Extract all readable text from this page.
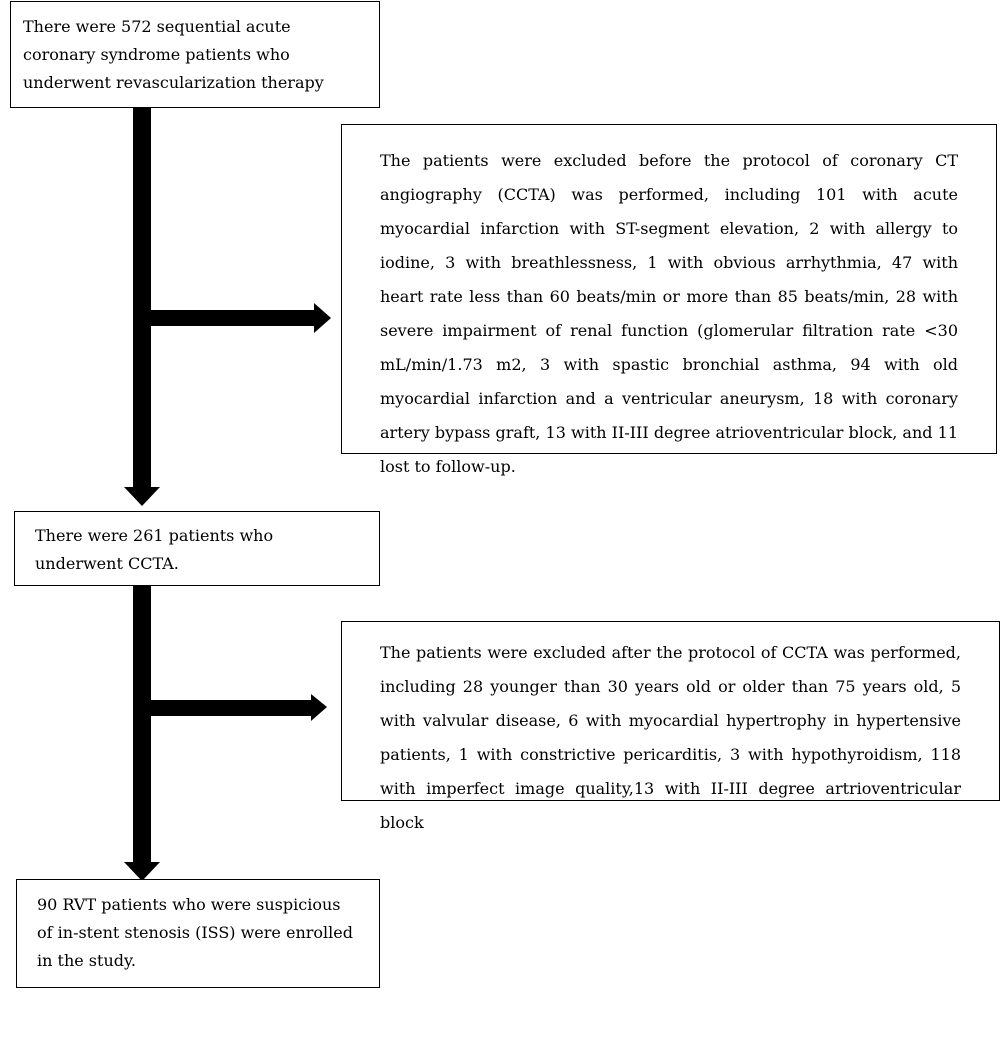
There were 572 sequential acute coronary syndrome patients who underwent revascularization therapy

The patients were excluded before the protocol of coronary CT angiography (CCTA) was performed, including 101 with acute myocardial infarction with ST-segment elevation, 2 with allergy to iodine, 3 with breathlessness, 1 with obvious arrhythmia, 47 with heart rate less than 60 beats/min or more than 85 beats/min, 28 with severe impairment of renal function (glomerular filtration rate <30 mL/min/1.73 m2, 3 with spastic bronchial asthma, 94 with old myocardial infarction and a ventricular aneurysm, 18 with coronary artery bypass graft, 13 with II-III degree atrioventricular block, and 11 lost to follow-up.

There were 261 patients who underwent CCTA.

The patients were excluded after the protocol of CCTA was performed, including 28 younger than 30 years old or older than 75 years old, 5 with valvular disease, 6 with myocardial hypertrophy in hypertensive patients, 1 with constrictive pericarditis, 3 with hypothyroidism, 118 with imperfect image quality,13 with II-III degree artrioventricular block

90 RVT patients who were suspicious of in-stent stenosis (ISS) were enrolled in the study.
